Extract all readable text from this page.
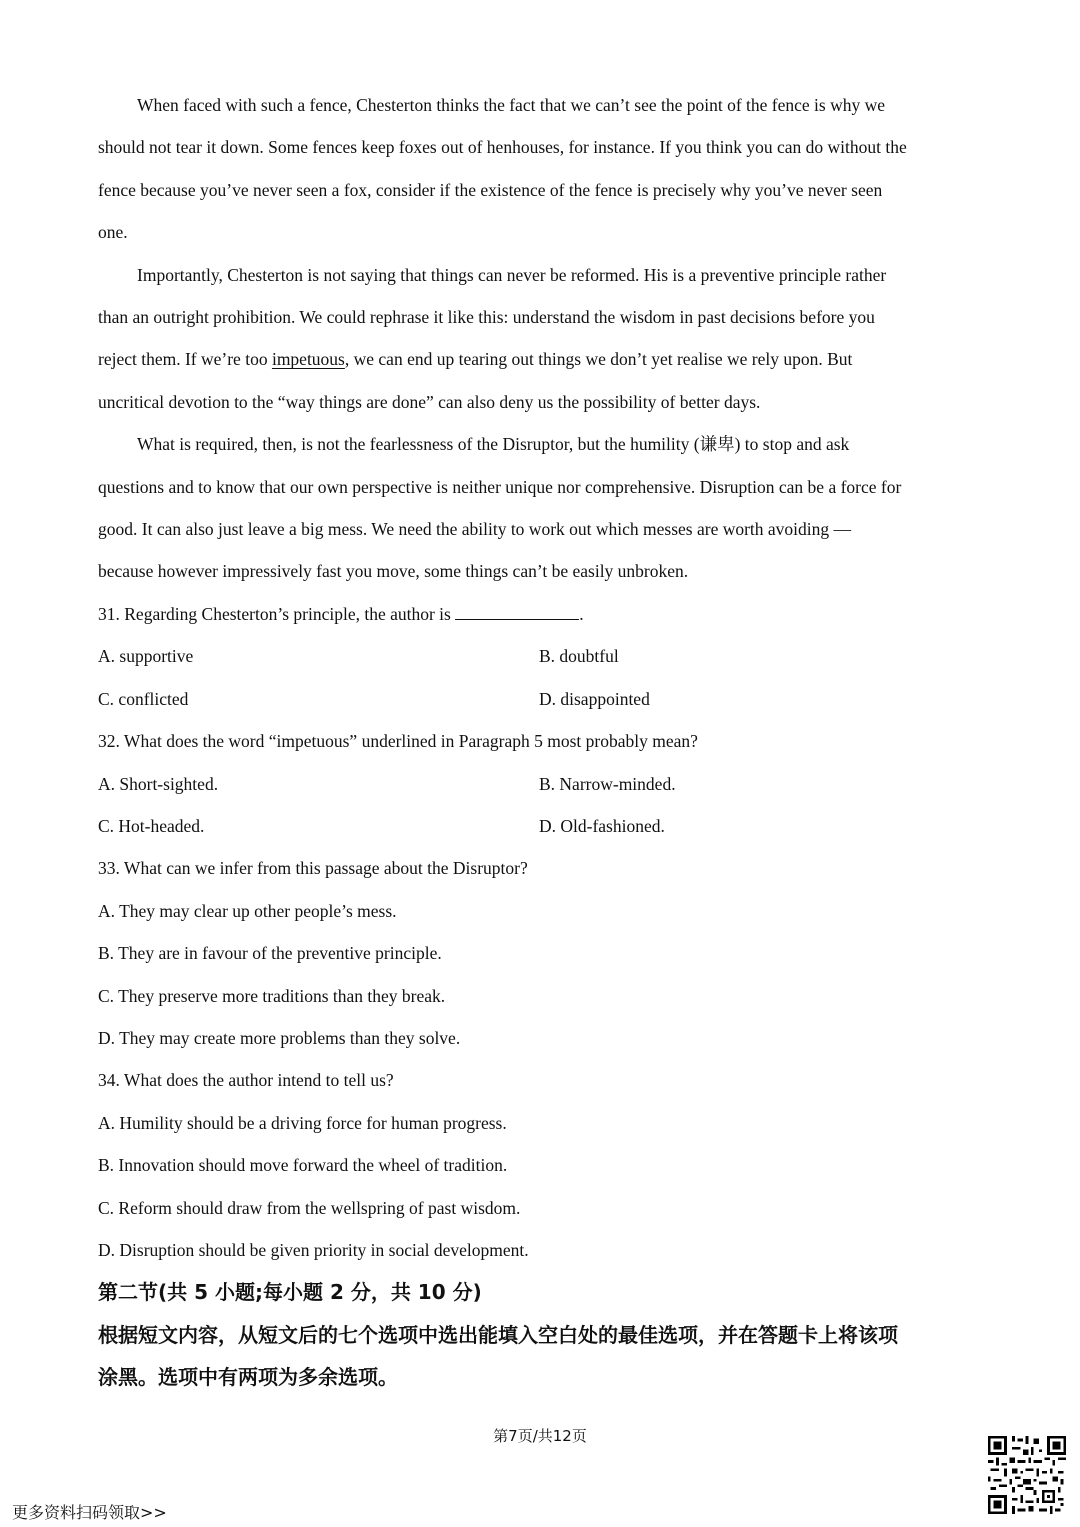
When faced with such a fence, Chesterton thinks the fact that we can’t see the point of the fence is why we
should not tear it down. Some fences keep foxes out of henhouses, for instance. If you think you can do without the
fence because you’ve never seen a fox, consider if the existence of the fence is precisely why you’ve never seen
one.
Importantly, Chesterton is not saying that things can never be reformed. His is a preventive principle rather
than an outright prohibition. We could rephrase it like this: understand the wisdom in past decisions before you
reject them. If we’re too impetuous, we can end up tearing out things we don’t yet realise we rely upon. But
uncritical devotion to the “way things are done” can also deny us the possibility of better days.
What is required, then, is not the fearlessness of the Disruptor, but the humility (谦卑) to stop and ask
questions and to know that our own perspective is neither unique nor comprehensive. Disruption can be a force for
good. It can also just leave a big mess. We need the ability to work out which messes are worth avoiding —
because however impressively fast you move, some things can’t be easily unbroken.
31. Regarding Chesterton’s principle, the author is	.
A. supportive	B. doubtful
C. conflicted	D. disappointed
32. What does the word “impetuous” underlined in Paragraph 5 most probably mean?
A. Short-sighted.	B. Narrow-minded.
C. Hot-headed.	D. Old-fashioned.
33. What can we infer from this passage about the Disruptor?
A. They may clear up other people’s mess.
B. They are in favour of the preventive principle.
C. They preserve more traditions than they break.
D. They may create more problems than they solve.
34. What does the author intend to tell us?
A. Humility should be a driving force for human progress.
B. Innovation should move forward the wheel of tradition.
C. Reform should draw from the wellspring of past wisdom.
D. Disruption should be given priority in social development.
第二节(共 5 小题;每小题 2 分，共 10 分)
根据短文内容，从短文后的七个选项中选出能填入空白处的最佳选项，并在答题卡上将该项
涂黑。选项中有两项为多余选项。
第7页/共12页
更多资料扫码领取>>
